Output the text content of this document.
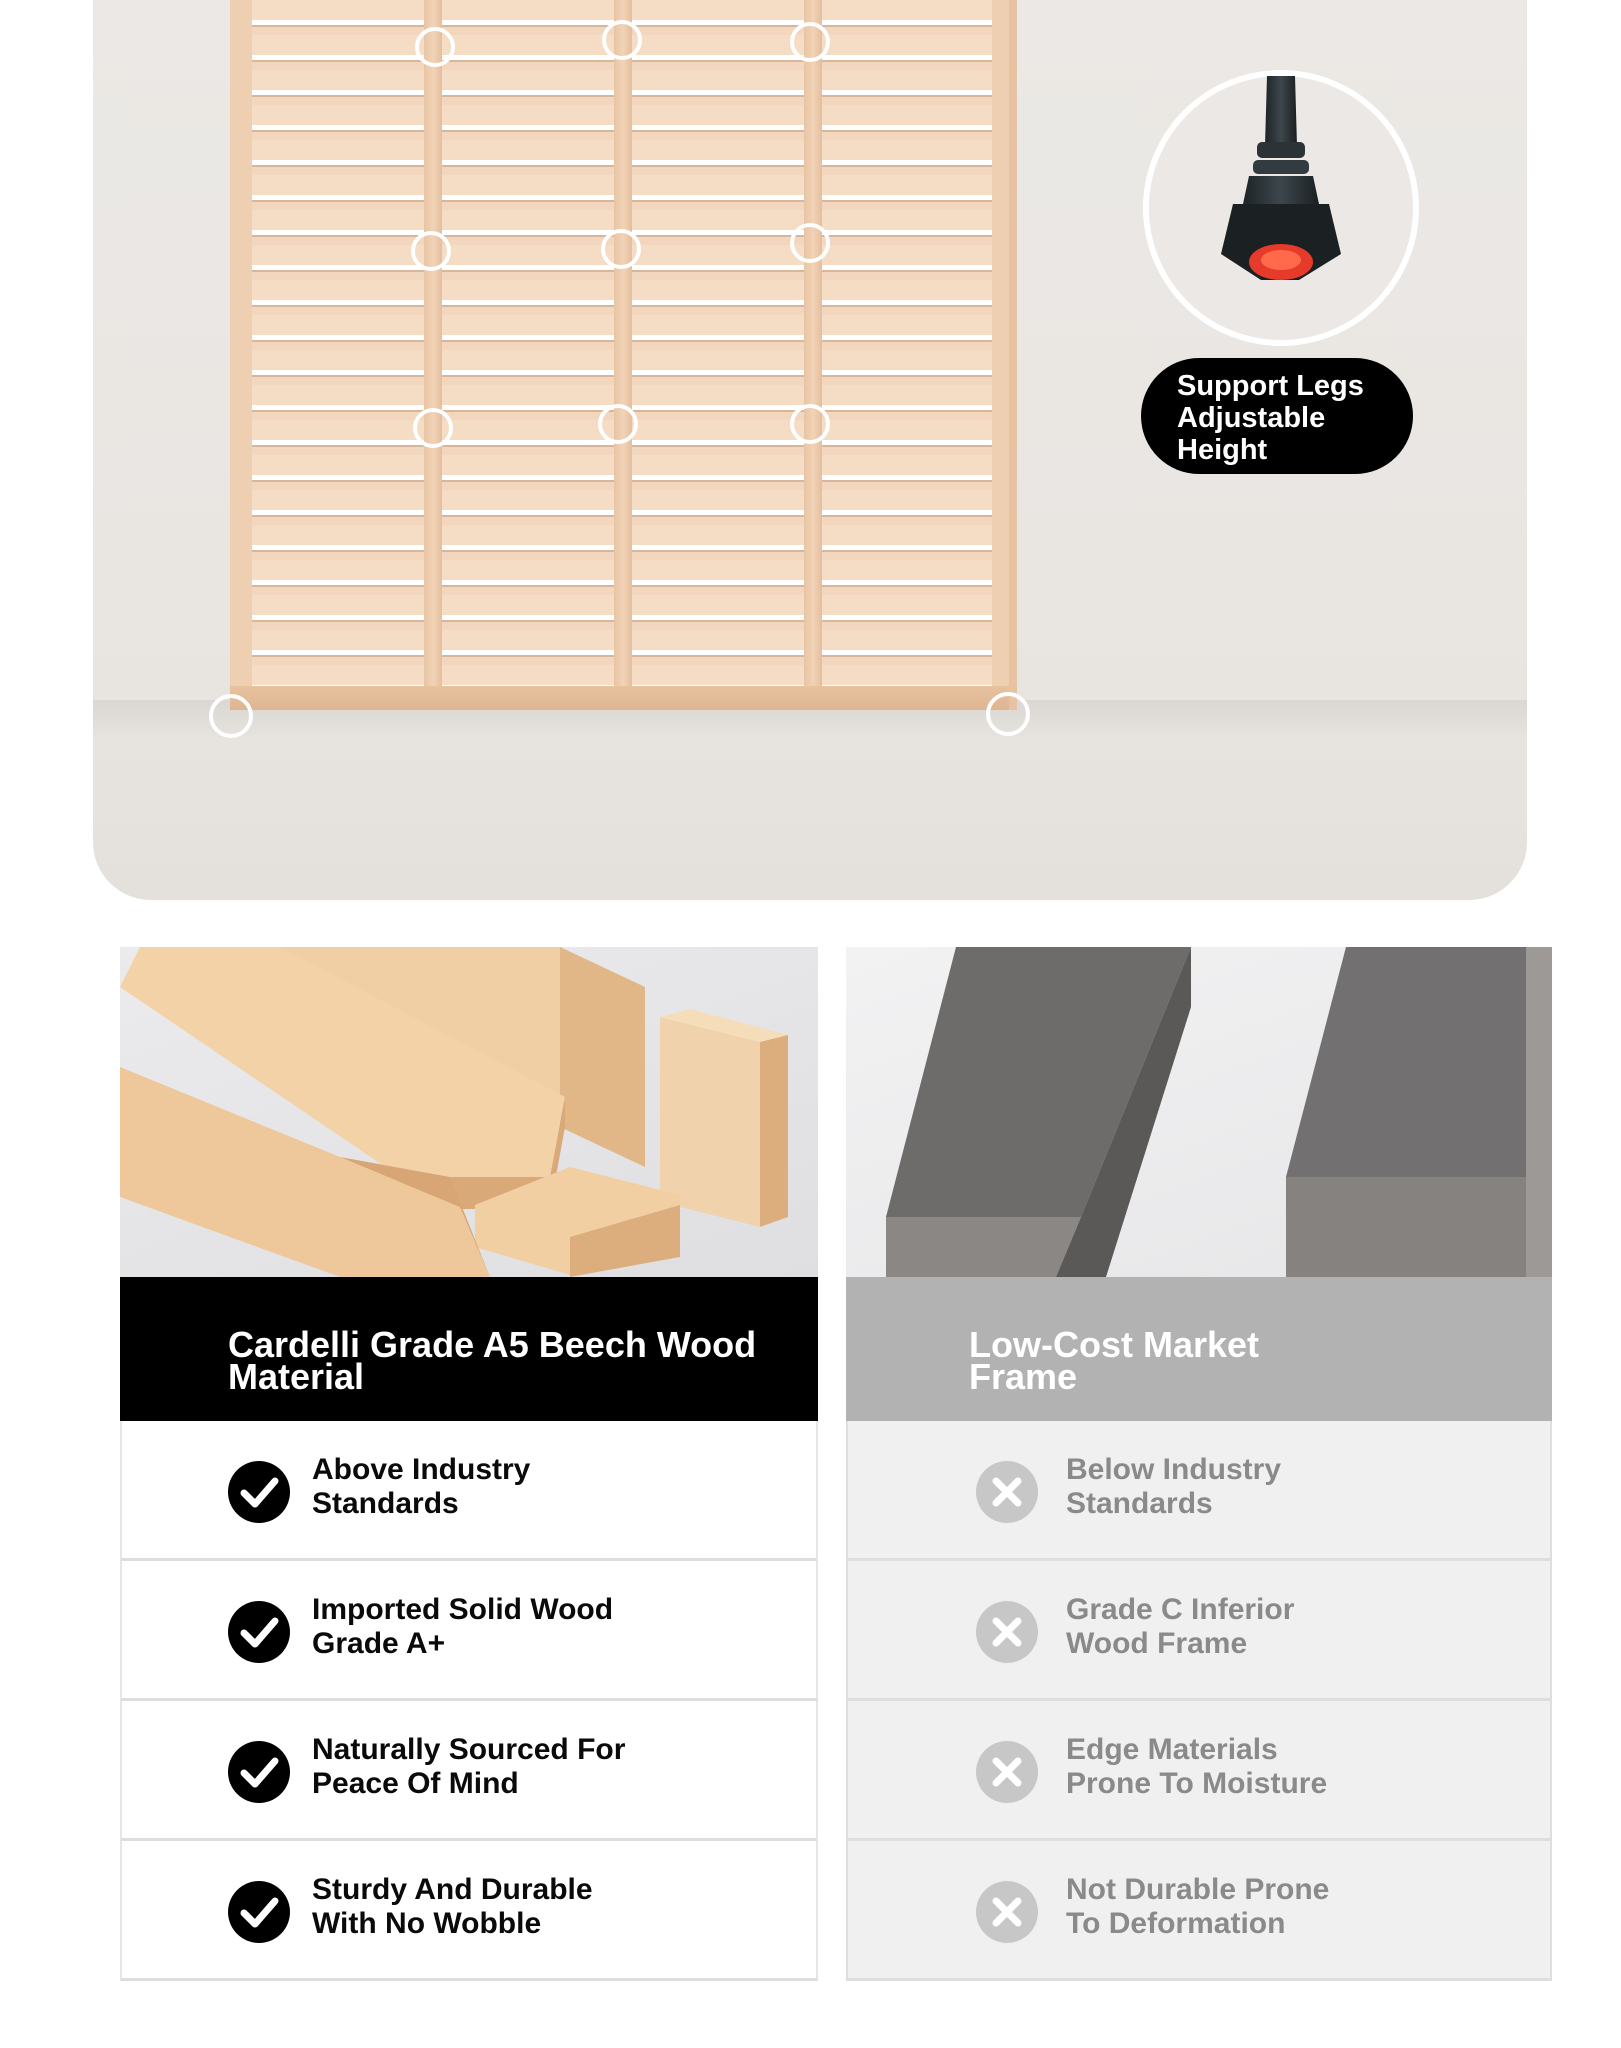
Support Legs
Adjustable
Height
Cardelli Grade A5 Beech Wood
Material
Above Industry
Standards
Imported Solid Wood
Grade A+
Naturally Sourced For
Peace Of Mind
Sturdy And Durable
With No Wobble
Low-Cost Market
Frame
Below Industry
Standards
Grade C Inferior
Wood Frame
Edge Materials
Prone To Moisture
Not Durable Prone
To Deformation
